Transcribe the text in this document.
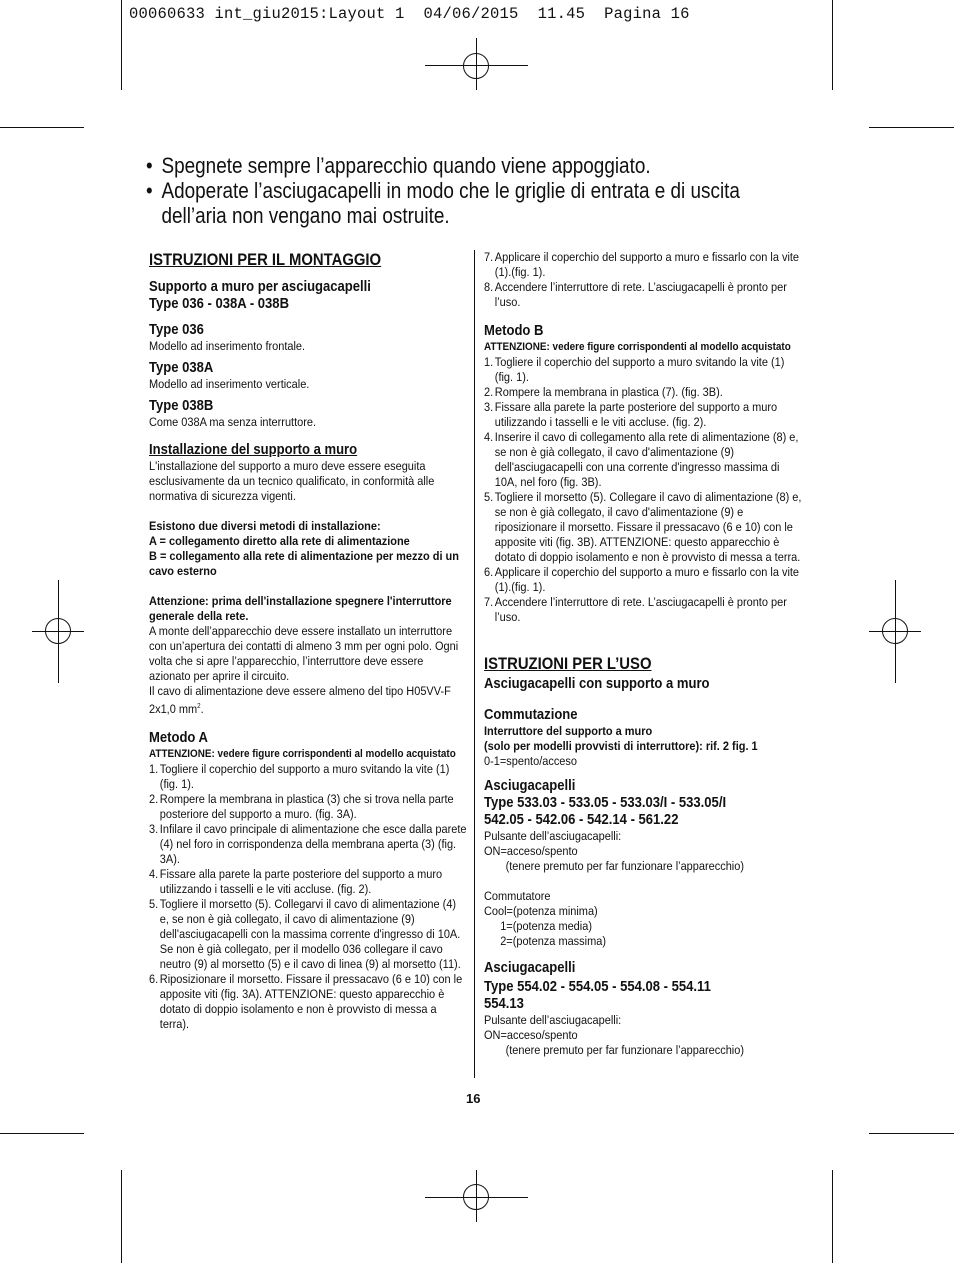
00060633 int_giu2015:Layout 1  04/06/2015  11.45  Pagina 16
• Spegnete sempre l’apparecchio quando viene appoggiato.
• Adoperate l’asciugacapelli in modo che le griglie di entrata e di uscita dell’aria non vengano mai ostruite.
ISTRUZIONI PER IL MONTAGGIO
Supporto a muro per asciugacapelli
Type 036 - 038A - 038B
Type 036
Modello ad inserimento frontale.
Type 038A
Modello ad inserimento verticale.
Type 038B
Come 038A ma senza interruttore.
Installazione del supporto a muro
L'installazione del supporto a muro deve essere eseguita esclusivamente da un tecnico qualificato, in conformità alle normativa di sicurezza vigenti.
Esistono due diversi metodi di installazione:
A = collegamento diretto alla rete di alimentazione
B = collegamento alla rete di alimentazione per mezzo di un cavo esterno
Attenzione: prima dell'installazione spegnere l'interruttore generale della rete.
A monte dell’apparecchio deve essere installato un interruttore con un’apertura dei contatti di almeno 3 mm per ogni polo. Ogni volta che si apre l’apparecchio, l’interruttore deve essere azionato per aprire il circuito.
Il cavo di alimentazione deve essere almeno del tipo H05VV-F 2x1,0 $mm^2$.
Metodo A
ATTENZIONE: vedere figure corrispondenti al modello acquistato
1. Togliere il coperchio del supporto a muro svitando la vite (1) (fig. 1).
2. Rompere la membrana in plastica (3) che si trova nella parte posteriore del supporto a muro. (fig. 3A).
3. Infilare il cavo principale di alimentazione che esce dalla parete (4) nel foro in corrispondenza della membrana aperta (3) (fig. 3A).
4. Fissare alla parete la parte posteriore del supporto a muro utilizzando i tasselli e le viti accluse. (fig. 2).
5. Togliere il morsetto (5). Collegarvi il cavo di alimentazione (4) e, se non è già collegato, il cavo di alimentazione (9) dell'asciugacapelli con la massima corrente d'ingresso di 10A. Se non è già collegato, per il modello 036 collegare il cavo neutro (9) al morsetto (5) e il cavo di linea (9) al morsetto (11).
6. Riposizionare il morsetto. Fissare il pressacavo (6 e 10) con le apposite viti (fig. 3A). ATTENZIONE: questo apparecchio è dotato di doppio isolamento e non è provvisto di messa a terra).
7. Applicare il coperchio del supporto a muro e fissarlo con la vite (1).(fig. 1).
8. Accendere l’interruttore di rete. L’asciugacapelli è pronto per l’uso.
Metodo B
ATTENZIONE: vedere figure corrispondenti al modello acquistato
1. Togliere il coperchio del supporto a muro svitando la vite (1) (fig. 1).
2. Rompere la membrana in plastica (7). (fig. 3B).
3. Fissare alla parete la parte posteriore del supporto a muro utilizzando i tasselli e le viti accluse. (fig. 2).
4. Inserire il cavo di collegamento alla rete di alimentazione (8) e, se non è già collegato, il cavo d'alimentazione (9) dell'asciugacapelli con una corrente d'ingresso massima di 10A, nel foro (fig. 3B).
5. Togliere il morsetto (5). Collegare il cavo di alimentazione (8) e, se non è già collegato, il cavo d'alimentazione (9) e riposizionare il morsetto. Fissare il pressacavo (6 e 10) con le apposite viti (fig. 3B). ATTENZIONE: questo apparecchio è dotato di doppio isolamento e non è provvisto di messa a terra.
6. Applicare il coperchio del supporto a muro e fissarlo con la vite (1).(fig. 1).
7. Accendere l’interruttore di rete. L’asciugacapelli è pronto per l’uso.
ISTRUZIONI PER L’USO
Asciugacapelli con supporto a muro
Commutazione
Interruttore del supporto a muro
(solo per modelli provvisti di interruttore): rif. 2 fig. 1
0-1=spento/acceso
Asciugacapelli
Type 533.03 - 533.05 - 533.03/I - 533.05/I
542.05 - 542.06 - 542.14 - 561.22
Pulsante dell’asciugacapelli:
ON=acceso/spento
(tenere premuto per far funzionare l’apparecchio)
Commutatore
Cool=(potenza minima)
1=(potenza media)
2=(potenza massima)
Asciugacapelli
Type 554.02 - 554.05 - 554.08 - 554.11
554.13
Pulsante dell’asciugacapelli:
ON=acceso/spento
(tenere premuto per far funzionare l’apparecchio)
16
